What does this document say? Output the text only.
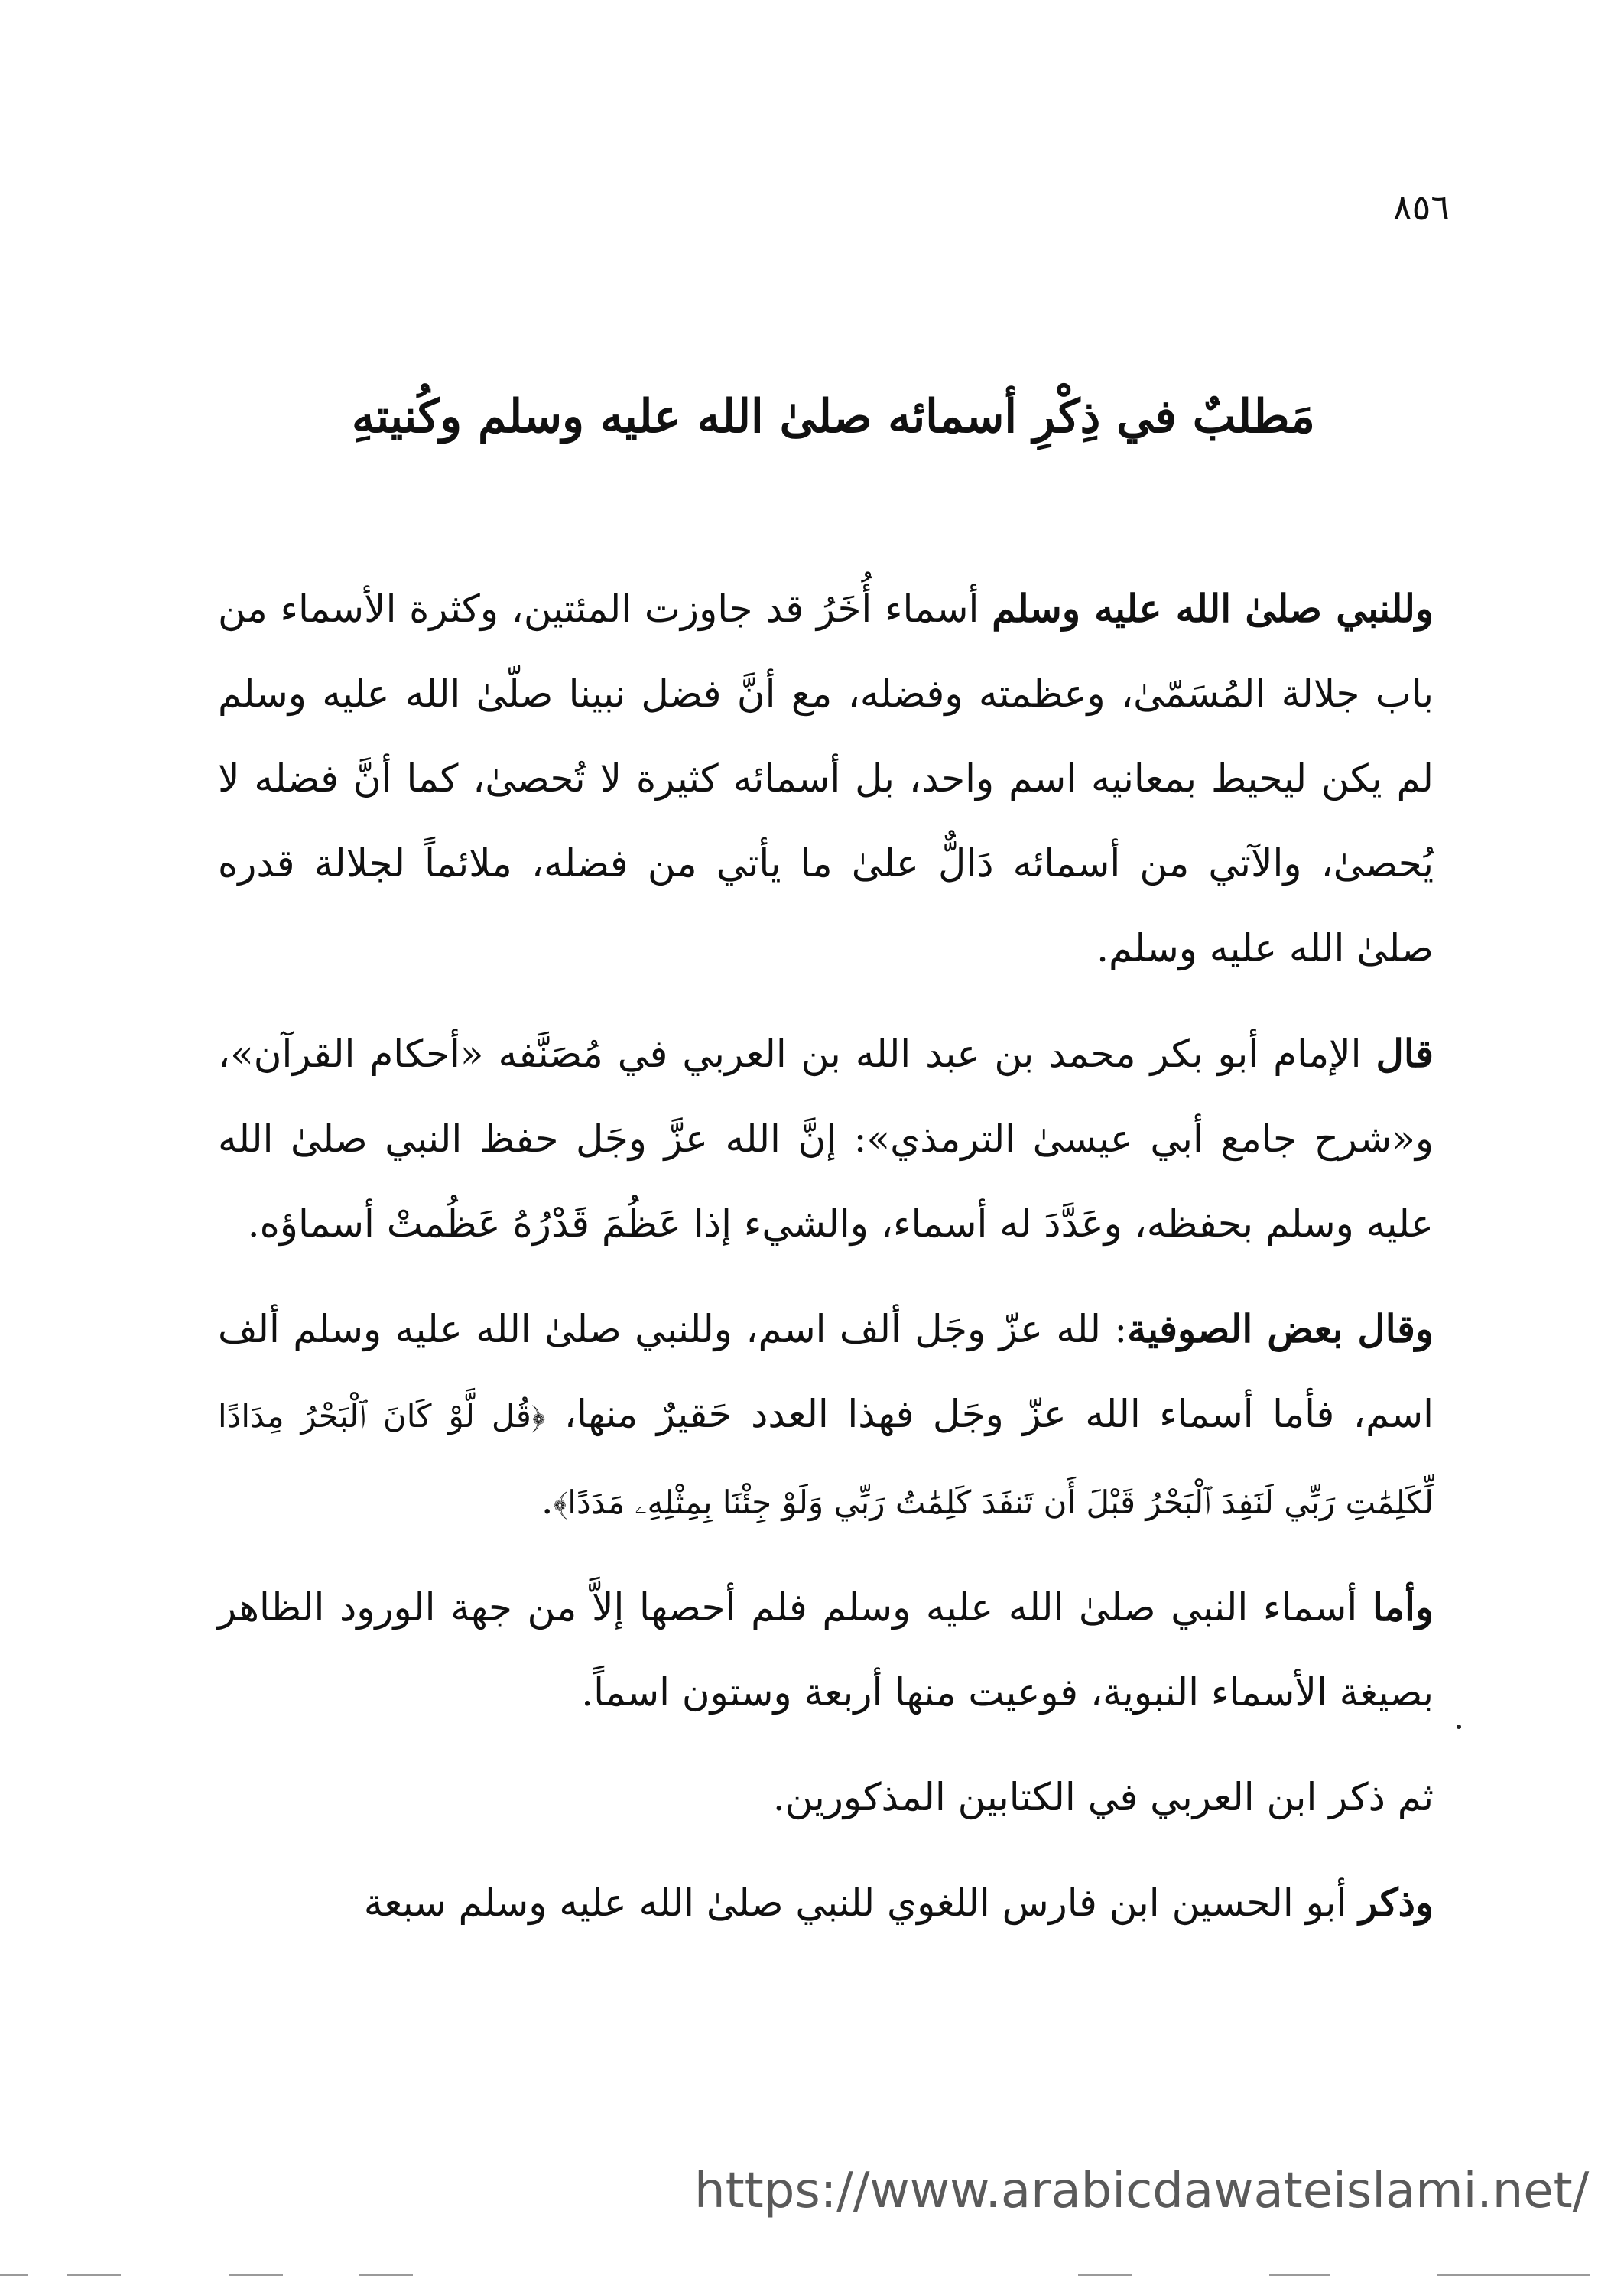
٨٥٦
مَطلبٌ في ذِكْرِ أسمائه صلىٰ الله عليه وسلم وكُنيتهِ

وللنبي صلىٰ الله عليه وسلم أسماء أُخَرُ قد جاوزت المئتين، وكثرة الأسماء من باب جلالة المُسَمّىٰ، وعظمته وفضله، مع أنَّ فضل نبينا صلّىٰ الله عليه وسلم لم يكن ليحيط بمعانيه اسم واحد، بل أسمائه كثيرة لا تُحصىٰ، كما أنَّ فضله لا يُحصىٰ، والآتي من أسمائه دَالٌّ علىٰ ما يأتي من فضله، ملائماً لجلالة قدره صلىٰ الله عليه وسلم.

قال الإمام أبو بكر محمد بن عبد الله بن العربي في مُصَنَّفه «أحكام القرآن»، و«شرح جامع أبي عيسىٰ الترمذي»: إنَّ الله عزَّ وجَل حفظ النبي صلىٰ الله عليه وسلم بحفظه، وعَدَّدَ له أسماء، والشيء إذا عَظُمَ قَدْرُهُ عَظُمتْ أسماؤه.

وقال بعض الصوفية: لله عزّ وجَل ألف اسم، وللنبي صلىٰ الله عليه وسلم ألف اسم، فأما أسماء الله عزّ وجَل فهذا العدد حَقيرٌ منها، ﴿قُل لَّوْ كَانَ ٱلْبَحْرُ مِدَادًا لِّكَلِمَٰتِ رَبِّي لَنَفِدَ ٱلْبَحْرُ قَبْلَ أَن تَنفَدَ كَلِمَٰتُ رَبِّي وَلَوْ جِئْنَا بِمِثْلِهِۦ مَدَدًا﴾.

وأما أسماء النبي صلىٰ الله عليه وسلم فلم أحصها إلاَّ من جهة الورود الظاهر بصيغة الأسماء النبوية، فوعيت منها أربعة وستون اسماً.

ثم ذكر ابن العربي في الكتابين المذكورين.

وذكر أبو الحسين ابن فارس اللغوي للنبي صلىٰ الله عليه وسلم سبعة

https://www.arabicdawateislami.net/
